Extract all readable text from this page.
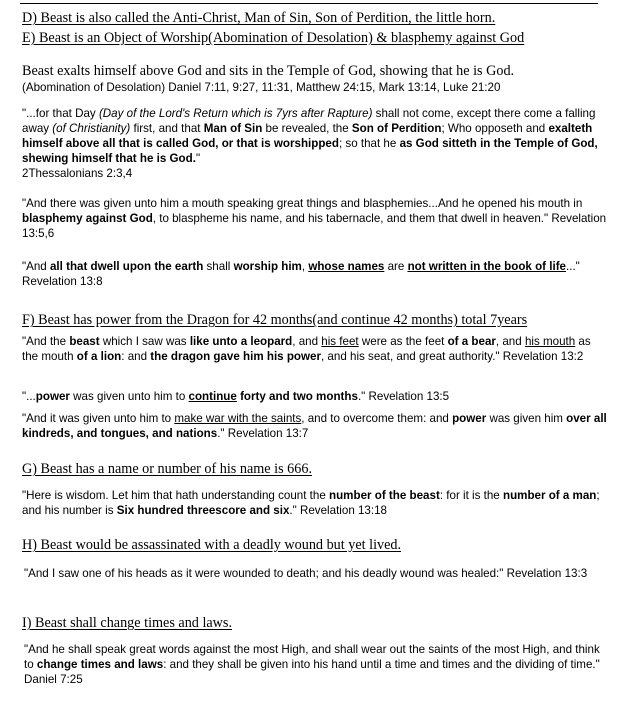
D) Beast is also called the Anti-Christ, Man of Sin, Son of Perdition, the little horn.
E) Beast is an Object of Worship(Abomination of Desolation) & blasphemy against God
Beast exalts himself above God and sits in the Temple of God, showing that he is God.
(Abomination of Desolation) Daniel 7:11, 9:27, 11:31, Matthew 24:15, Mark 13:14, Luke 21:20
"...for that Day (Day of the Lord's Return which is 7yrs after Rapture) shall not come, except there come a falling away (of Christianity) first, and that Man of Sin be revealed, the Son of Perdition; Who opposeth and exalteth himself above all that is called God, or that is worshipped; so that he as God sitteth in the Temple of God, shewing himself that he is God."
2Thessalonians 2:3,4
"And there was given unto him a mouth speaking great things and blasphemies...And he opened his mouth in blasphemy against God, to blaspheme his name, and his tabernacle, and them that dwell in heaven." Revelation 13:5,6
"And all that dwell upon the earth shall worship him, whose names are not written in the book of life..." Revelation 13:8
F) Beast has power from the Dragon for 42 months(and continue 42 months) total 7years
"And the beast which I saw was like unto a leopard, and his feet were as the feet of a bear, and his mouth as the mouth of a lion: and the dragon gave him his power, and his seat, and great authority." Revelation 13:2
"...power was given unto him to continue forty and two months." Revelation 13:5
"And it was given unto him to make war with the saints, and to overcome them: and power was given him over all kindreds, and tongues, and nations." Revelation 13:7
G) Beast has a name or number of his name is 666.
"Here is wisdom. Let him that hath understanding count the number of the beast: for it is the number of a man; and his number is Six hundred threescore and six." Revelation 13:18
H) Beast would be assassinated with a deadly wound but yet lived.
"And I saw one of his heads as it were wounded to death; and his deadly wound was healed:" Revelation 13:3
I) Beast shall change times and laws.
"And he shall speak great words against the most High, and shall wear out the saints of the most High, and think to change times and laws: and they shall be given into his hand until a time and times and the dividing of time." Daniel 7:25
